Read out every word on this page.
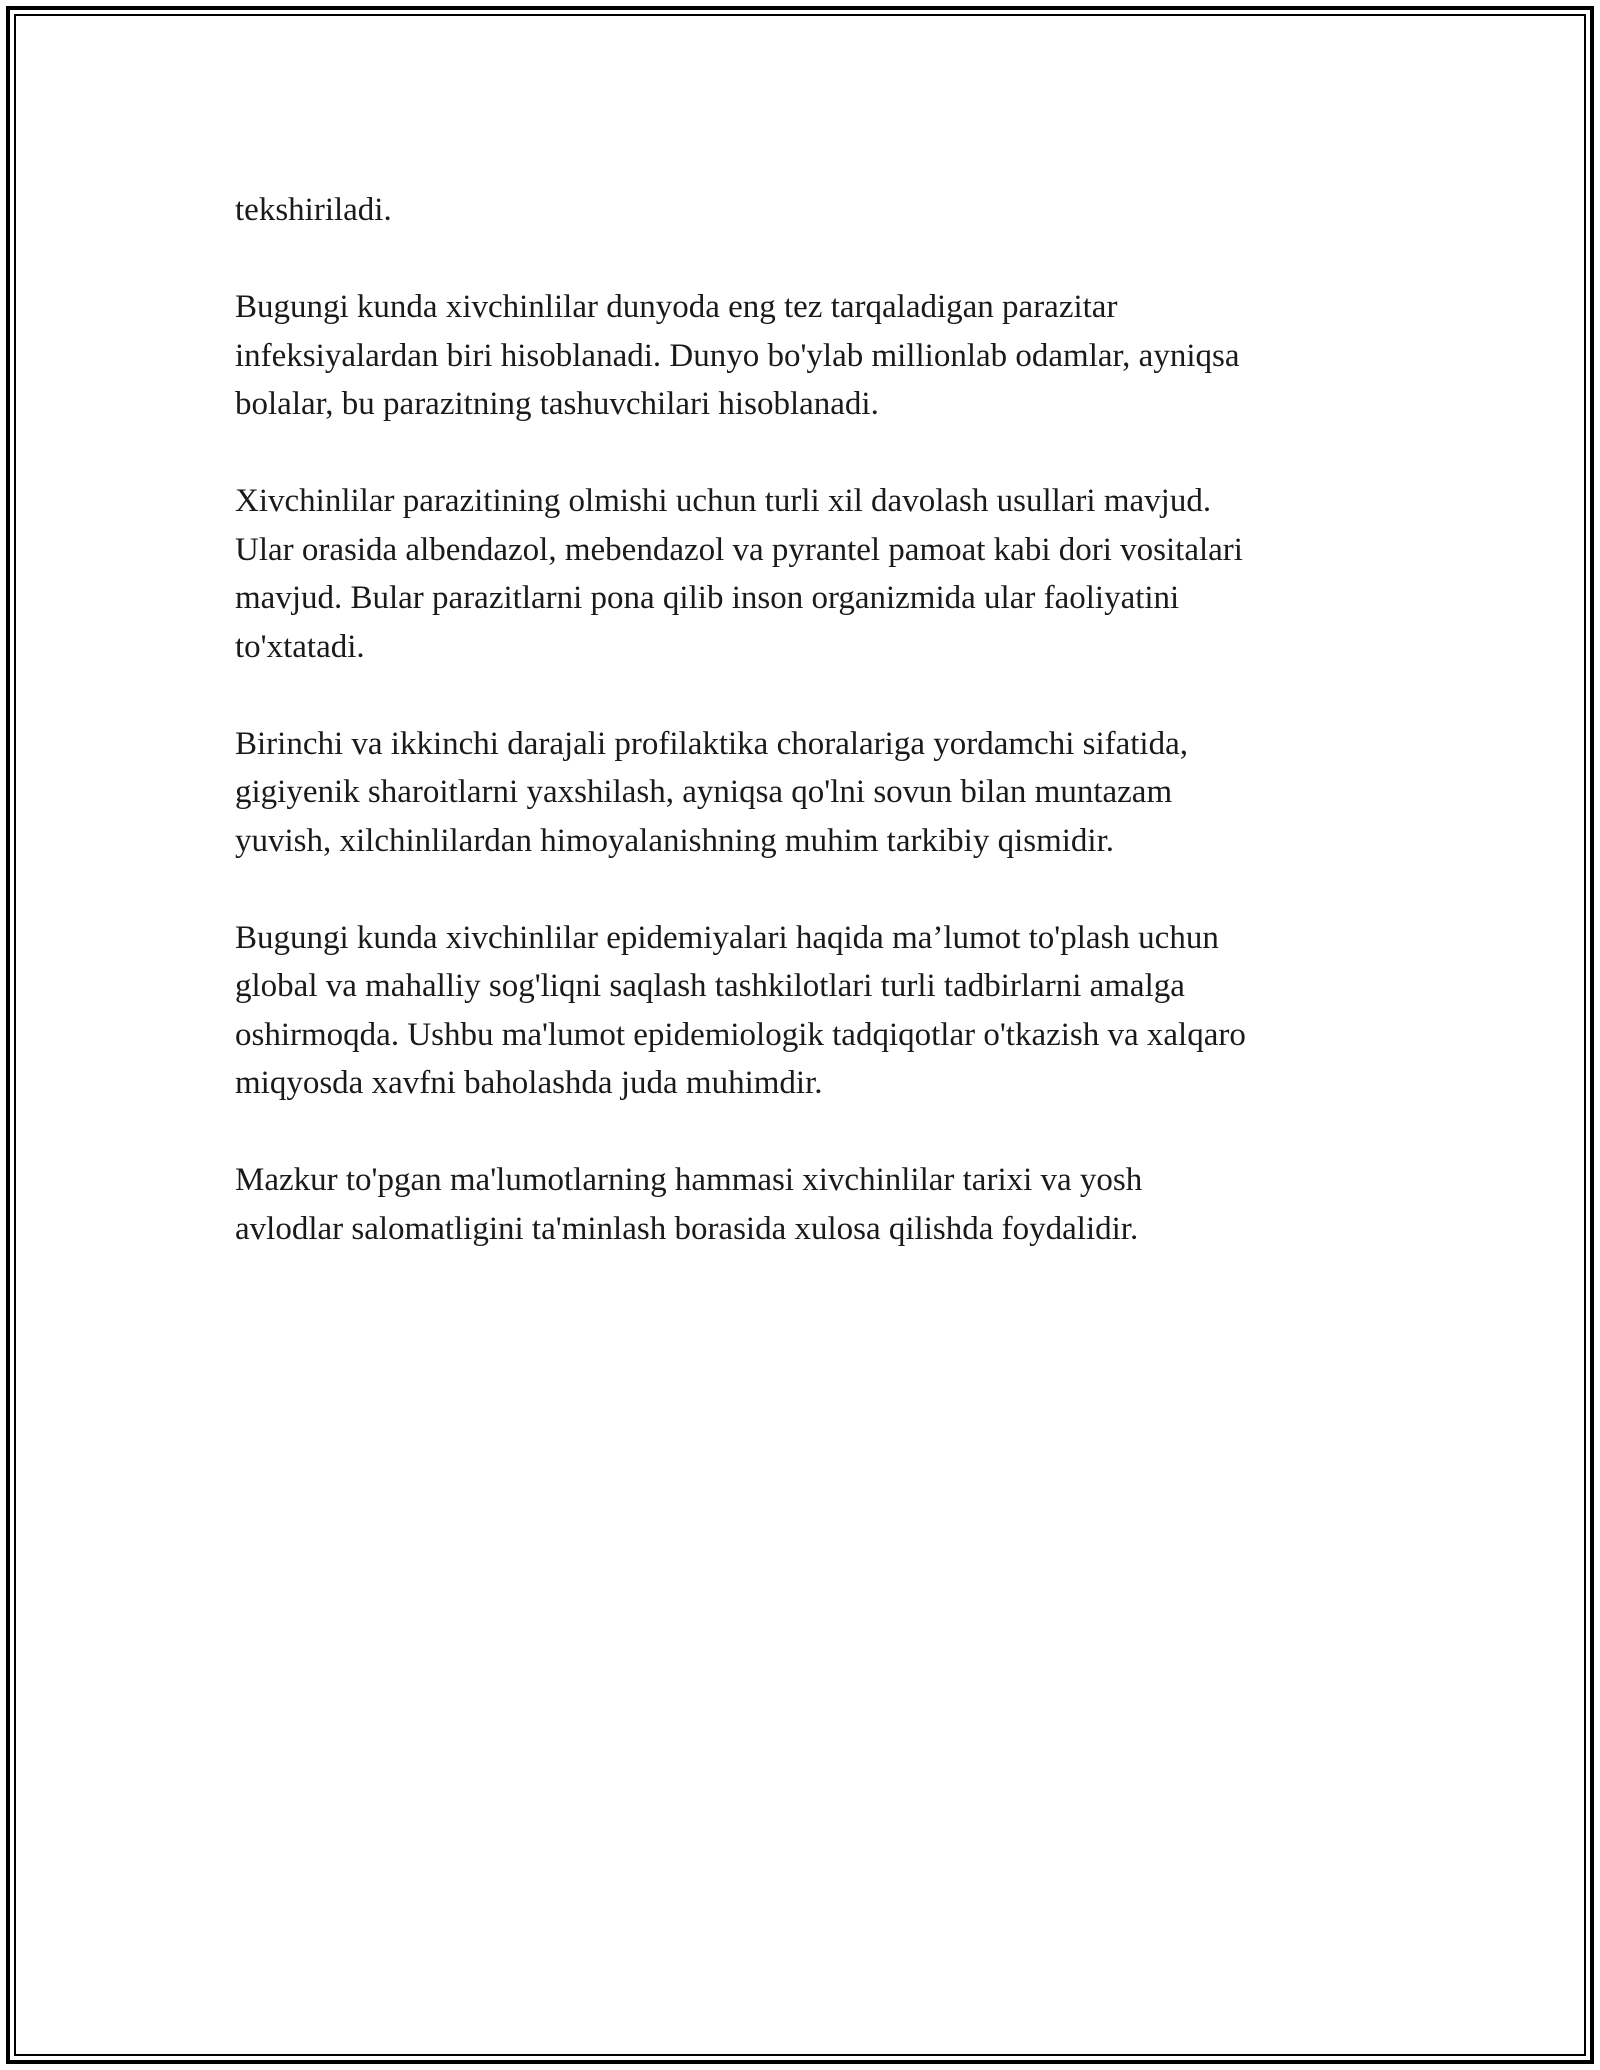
tekshiriladi.

Bugungi kunda xivchinlilar dunyoda eng tez tarqaladigan parazitar
infeksiyalardan biri hisoblanadi. Dunyo bo'ylab millionlab odamlar, ayniqsa
bolalar, bu parazitning tashuvchilari hisoblanadi.

Xivchinlilar parazitining olmishi uchun turli xil davolash usullari mavjud.
Ular orasida albendazol, mebendazol va pyrantel pamoat kabi dori vositalari
mavjud. Bular parazitlarni pona qilib inson organizmida ular faoliyatini
to'xtatadi.

Birinchi va ikkinchi darajali profilaktika choralariga yordamchi sifatida,
gigiyenik sharoitlarni yaxshilash, ayniqsa qo'lni sovun bilan muntazam
yuvish, xilchinlilardan himoyalanishning muhim tarkibiy qismidir.

Bugungi kunda xivchinlilar epidemiyalari haqida ma’lumot to'plash uchun
global va mahalliy sog'liqni saqlash tashkilotlari turli tadbirlarni amalga
oshirmoqda. Ushbu ma'lumot epidemiologik tadqiqotlar o'tkazish va xalqaro
miqyosda xavfni baholashda juda muhimdir.

Mazkur to'pgan ma'lumotlarning hammasi xivchinlilar tarixi va yosh
avlodlar salomatligini ta'minlash borasida xulosa qilishda foydalidir.
